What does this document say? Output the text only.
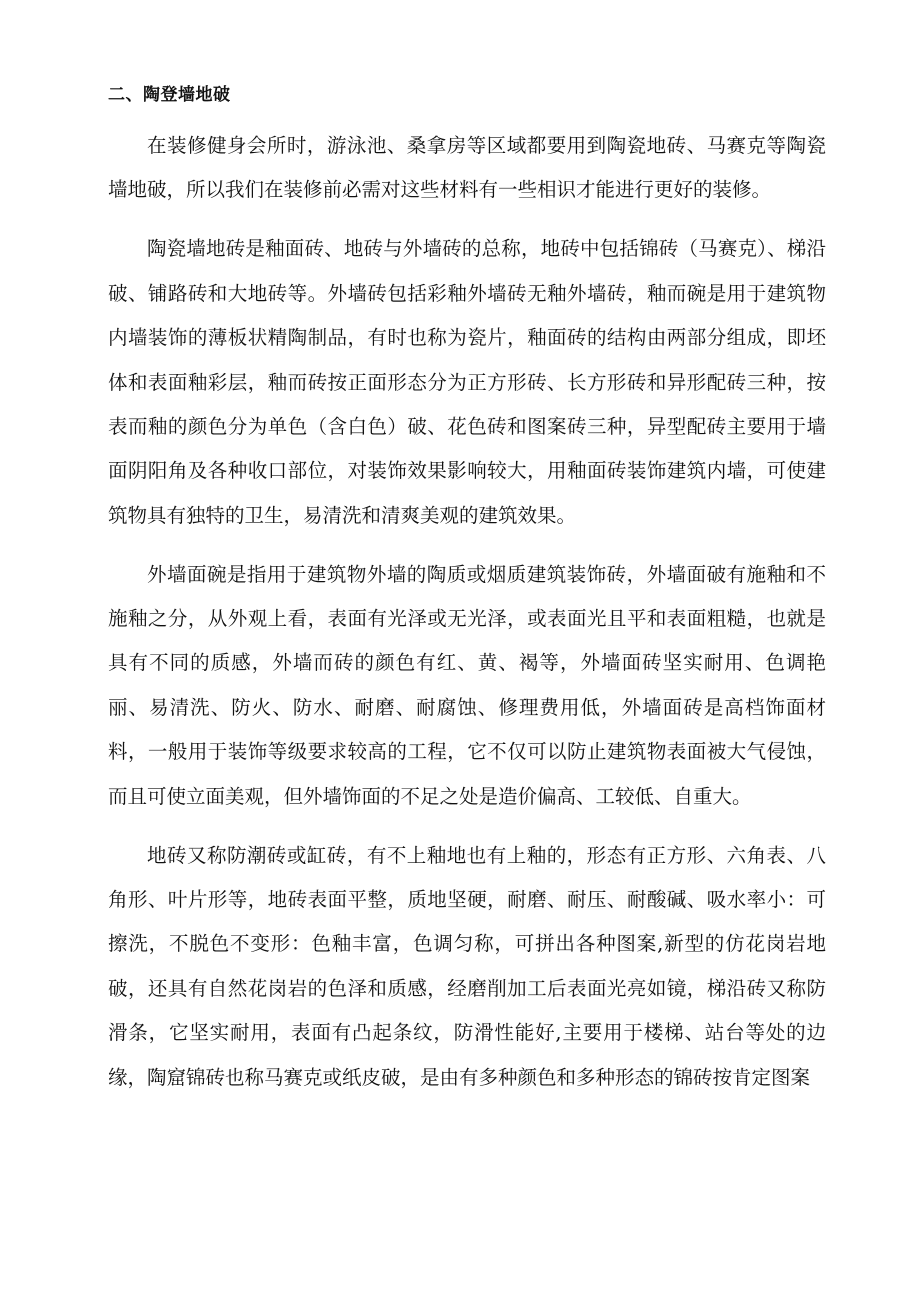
二、陶登墙地破

在装修健身会所时，游泳池、桑拿房等区域都要用到陶瓷地砖、马赛克等陶瓷墙地破，所以我们在装修前必需对这些材料有一些相识才能进行更好的装修。

陶瓷墙地砖是釉面砖、地砖与外墙砖的总称，地砖中包括锦砖（马赛克）、梯沿破、铺路砖和大地砖等。外墙砖包括彩釉外墙砖无釉外墙砖，釉而碗是用于建筑物内墙装饰的薄板状精陶制品，有时也称为瓷片，釉面砖的结构由两部分组成，即坯体和表面釉彩层，釉而砖按正面形态分为正方形砖、长方形砖和异形配砖三种，按表而釉的颜色分为单色（含白色）破、花色砖和图案砖三种，异型配砖主要用于墙面阴阳角及各种收口部位，对装饰效果影响较大，用釉面砖装饰建筑内墙，可使建筑物具有独特的卫生，易清洗和清爽美观的建筑效果。

外墙面碗是指用于建筑物外墙的陶质或烟质建筑装饰砖，外墙面破有施釉和不施釉之分，从外观上看，表面有光泽或无光泽，或表面光且平和表面粗糙，也就是具有不同的质感，外墙而砖的颜色有红、黄、褐等，外墙面砖坚实耐用、色调艳丽、易清洗、防火、防水、耐磨、耐腐蚀、修理费用低，外墙面砖是高档饰面材料，一般用于装饰等级要求较高的工程，它不仅可以防止建筑物表面被大气侵蚀，而且可使立面美观，但外墙饰面的不足之处是造价偏高、工较低、自重大。

地砖又称防潮砖或缸砖，有不上釉地也有上釉的，形态有正方形、六角表、八角形、叶片形等，地砖表面平整，质地坚硬，耐磨、耐压、耐酸碱、吸水率小：可擦洗，不脱色不变形：色釉丰富，色调匀称，可拼出各种图案,新型的仿花岗岩地破，还具有自然花岗岩的色泽和质感，经磨削加工后表面光亮如镜，梯沿砖又称防滑条，它坚实耐用，表面有凸起条纹，防滑性能好,主要用于楼梯、站台等处的边缘，陶窟锦砖也称马赛克或纸皮破，是由有多种颜色和多种形态的锦砖按肯定图案
